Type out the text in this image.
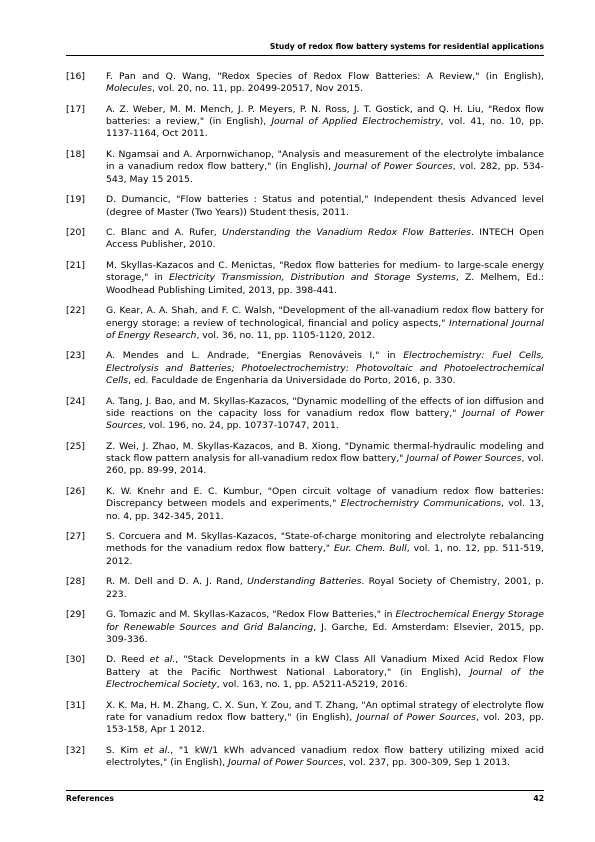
Study of redox flow battery systems for residential applications
[16]	F. Pan and Q. Wang, "Redox Species of Redox Flow Batteries: A Review," (in English), Molecules, vol. 20, no. 11, pp. 20499-20517, Nov 2015.
[17]	A. Z. Weber, M. M. Mench, J. P. Meyers, P. N. Ross, J. T. Gostick, and Q. H. Liu, "Redox flow batteries: a review," (in English), Journal of Applied Electrochemistry, vol. 41, no. 10, pp. 1137-1164, Oct 2011.
[18]	K. Ngamsai and A. Arpornwichanop, "Analysis and measurement of the electrolyte imbalance in a vanadium redox flow battery," (in English), Journal of Power Sources, vol. 282, pp. 534-543, May 15 2015.
[19]	D. Dumancic, "Flow batteries : Status and potential," Independent thesis Advanced level (degree of Master (Two Years)) Student thesis, 2011.
[20]	C. Blanc and A. Rufer, Understanding the Vanadium Redox Flow Batteries. INTECH Open Access Publisher, 2010.
[21]	M. Skyllas-Kazacos and C. Menictas, "Redox flow batteries for medium- to large-scale energy storage," in Electricity Transmission, Distribution and Storage Systems, Z. Melhem, Ed.: Woodhead Publishing Limited, 2013, pp. 398-441.
[22]	G. Kear, A. A. Shah, and F. C. Walsh, "Development of the all-vanadium redox flow battery for energy storage: a review of technological, financial and policy aspects," International Journal of Energy Research, vol. 36, no. 11, pp. 1105-1120, 2012.
[23]	A. Mendes and L. Andrade, "Energias Renováveis I," in Electrochemistry: Fuel Cells, Electrolysis and Batteries; Photoelectrochemistry: Photovoltaic and Photoelectrochemical Cells, ed. Faculdade de Engenharia da Universidade do Porto, 2016, p. 330.
[24]	A. Tang, J. Bao, and M. Skyllas-Kazacos, "Dynamic modelling of the effects of ion diffusion and side reactions on the capacity loss for vanadium redox flow battery," Journal of Power Sources, vol. 196, no. 24, pp. 10737-10747, 2011.
[25]	Z. Wei, J. Zhao, M. Skyllas-Kazacos, and B. Xiong, "Dynamic thermal-hydraulic modeling and stack flow pattern analysis for all-vanadium redox flow battery," Journal of Power Sources, vol. 260, pp. 89-99, 2014.
[26]	K. W. Knehr and E. C. Kumbur, "Open circuit voltage of vanadium redox flow batteries: Discrepancy between models and experiments," Electrochemistry Communications, vol. 13, no. 4, pp. 342-345, 2011.
[27]	S. Corcuera and M. Skyllas-Kazacos, "State-of-charge monitoring and electrolyte rebalancing methods for the vanadium redox flow battery," Eur. Chem. Bull, vol. 1, no. 12, pp. 511-519, 2012.
[28]	R. M. Dell and D. A. J. Rand, Understanding Batteries. Royal Society of Chemistry, 2001, p. 223.
[29]	G. Tomazic and M. Skyllas-Kazacos, "Redox Flow Batteries," in Electrochemical Energy Storage for Renewable Sources and Grid Balancing, J. Garche, Ed. Amsterdam: Elsevier, 2015, pp. 309-336.
[30]	D. Reed et al., "Stack Developments in a kW Class All Vanadium Mixed Acid Redox Flow Battery at the Pacific Northwest National Laboratory," (in English), Journal of the Electrochemical Society, vol. 163, no. 1, pp. A5211-A5219, 2016.
[31]	X. K. Ma, H. M. Zhang, C. X. Sun, Y. Zou, and T. Zhang, "An optimal strategy of electrolyte flow rate for vanadium redox flow battery," (in English), Journal of Power Sources, vol. 203, pp. 153-158, Apr 1 2012.
[32]	S. Kim et al., "1 kW/1 kWh advanced vanadium redox flow battery utilizing mixed acid electrolytes," (in English), Journal of Power Sources, vol. 237, pp. 300-309, Sep 1 2013.
References	42
